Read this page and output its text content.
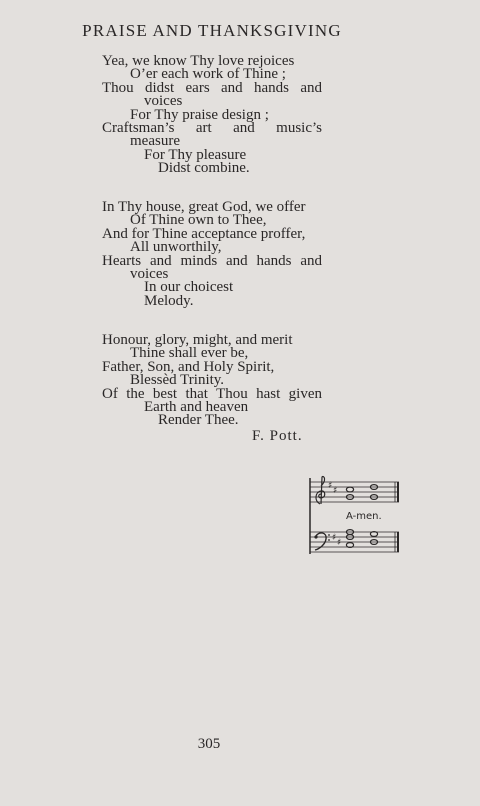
PRAISE AND THANKSGIVING
Yea, we know Thy love rejoices
O’er each work of Thine ;
Thou didst ears and hands and
voices
For Thy praise design ;
Craftsman’s art and music’s
measure
For Thy pleasure
Didst combine.
In Thy house, great God, we offer
Of Thine own to Thee,
And for Thine acceptance proffer,
All unworthily,
Hearts and minds and hands and
voices
In our choicest
Melody.
Honour, glory, might, and merit
Thine shall ever be,
Father, Son, and Holy Spirit,
Blessèd Trinity.
Of the best that Thou hast given
Earth and heaven
Render Thee.
F. Pott.
♯ ♯
♯ ♯
A-men.
305
